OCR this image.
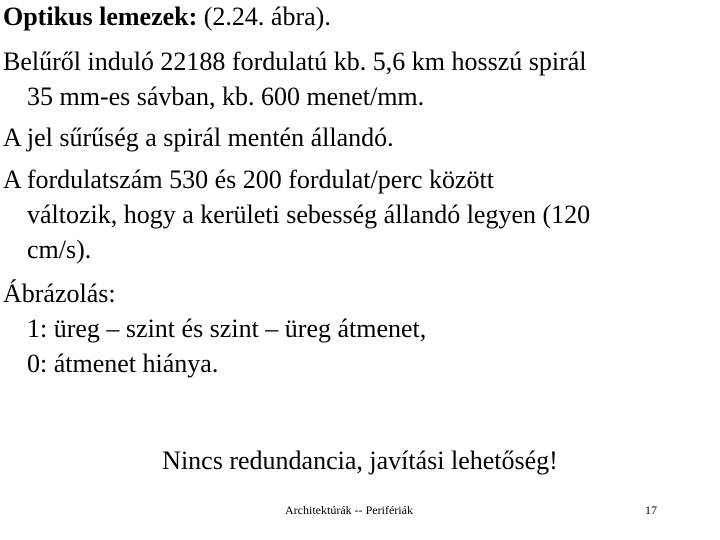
Optikus lemezek: (2.24. ábra).
Belűről induló 22188 fordulatú kb. 5,6 km hosszú spirál
35 mm-es sávban, kb. 600 menet/mm.
A jel sűrűség a spirál mentén állandó.
A fordulatszám 530 és 200 fordulat/perc között
változik, hogy a kerületi sebesség állandó legyen (120
cm/s).
Ábrázolás:
1: üreg – szint és szint – üreg átmenet,
0: átmenet hiánya.
Nincs redundancia, javítási lehetőség!
Architektúrák -- Perifériák	17
